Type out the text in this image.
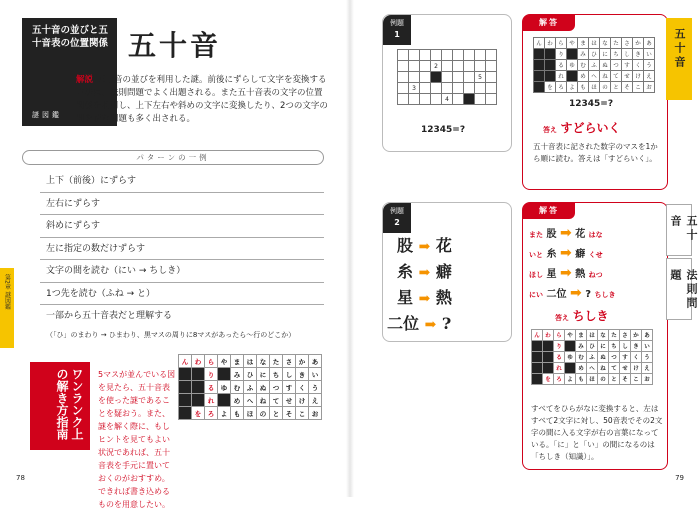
五十音の並びと五十音表の位置関係
謎図鑑
五十音
解説 五十音の並びを利用した謎。前後にずらして文字を変換する方法は、法則問題でよく出題される。また五十音表の文字の位置関係を利用し、上下左右や斜めの文字に変換したり、2つの文字の間を読む問題も多く出される。
パターンの一例
上下（前後）にずらす
左右にずらす
斜めにずらす
左に指定の数だけずらす
文字の間を読む（にい → ちしき）
1つ先を読む（ふね → と）
一部から五十音表だと理解する
（「ひ」のまわり → ひまわり、黒マスの周りに8マスがあったら〜行のどこか）
第2章 謎図鑑

5マスが並んでいる図を見たら、五十音表を使った謎であることを疑おう。また、謎を解く際に、もしヒントを見てもよい状況であれば、五十音表を手元に置いておくのがおすすめ。できれば書き込めるものを用意したい。

ワンランク上の解き方指南
ん	わ	ら	や	ま	は	な	た	さ	か	あ
		り		み	ひ	に	ち	し	き	い
		る	ゆ	む	ふ	ぬ	つ	す	く	う
		れ		め	へ	ね	て	せ	け	え
	を	ろ	よ	も	ほ	の	と	そ	こ	お
78
例題
1

			2					
							5	
	3							
				4				
12345=?
解答
ん	わ	ら	や	ま	は	な	た	さ	か	あ
		り		み	ひ	に	ち	し	き	い
		る	ゆ	む	ふ	ぬ	つ	す	く	う
		れ		め	へ	ね	て	せ	け	え
	を	ろ	よ	も	ほ	の	と	そ	こ	お
12345=?
答え すどらいく
五十音表に記された数字のマスを1から順に読む。答えは「すどらいく」。
五十音
例題
2
股 ➡ 花
糸 ➡ 癖
星 ➡ 熱
二位 ➡ ?
解答
また 股 ➡ 花 はな
いと 糸 ➡ 癖 くせ
ほし 星 ➡ 熱 ねつ
にい 二位 ➡ ? ちしき
答え ちしき
ん	わ	ら	や	ま	は	な	た	さ	か	あ
		り		み	ひ	に	ち	し	き	い
		る	ゆ	む	ふ	ぬ	つ	す	く	う
		れ		め	へ	ね	て	せ	け	え
	を	ろ	よ	も	ほ	の	と	そ	こ	お
すべてをひらがなに変換すると、左はすべて2文字に対し、50音表でその2文字の間に入る文字が右の言葉になっている。「に」と「い」の間になるのは「ちしき（知識）」。
五十音
法則問題
79
